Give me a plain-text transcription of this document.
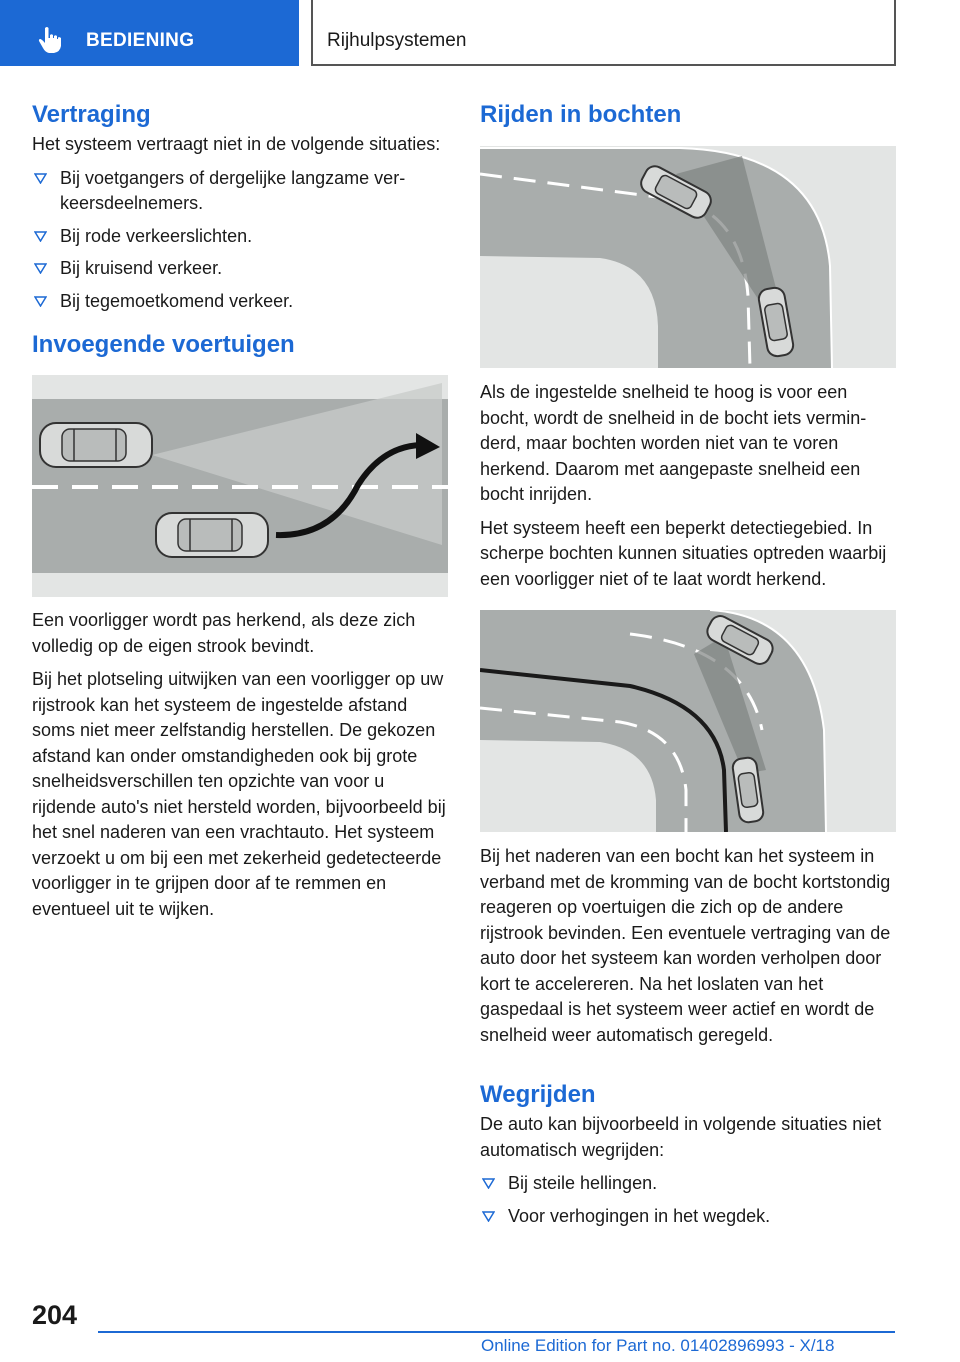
BEDIENING	Rijhulpsystemen
Vertraging

Het systeem vertraagt niet in de volgende situaties:

Bij voetgangers of dergelijke langzame verkeersdeelnemers.
Bij rode verkeerslichten.
Bij kruisend verkeer.
Bij tegemoetkomend verkeer.
Invoegende voertuigen

Een voorligger wordt pas herkend, als deze zich volledig op de eigen strook bevindt.

Bij het plotseling uitwijken van een voorligger op uw rijstrook kan het systeem de ingestelde afstand soms niet meer zelfstandig herstellen. De gekozen afstand kan onder omstandigheden ook bij grote snelheidsverschillen ten opzichte van voor u rijdende auto's niet hersteld worden, bijvoorbeeld bij het snel naderen van een vrachtauto. Het systeem verzoekt u om bij een met zekerheid gedetecteerde voorligger in te grijpen door af te remmen en eventueel uit te wijken.

Rijden in bochten

Als de ingestelde snelheid te hoog is voor een bocht, wordt de snelheid in de bocht iets verminderd, maar bochten worden niet van te voren herkend. Daarom met aangepaste snelheid een bocht inrijden.

Het systeem heeft een beperkt detectiegebied. In scherpe bochten kunnen situaties optreden waarbij een voorligger niet of te laat wordt herkend.

Bij het naderen van een bocht kan het systeem in verband met de kromming van de bocht kortstondig reageren op voertuigen die zich op de andere rijstrook bevinden. Een eventuele vertraging van de auto door het systeem kan worden verholpen door kort te accelereren. Na het loslaten van het gaspedaal is het systeem weer actief en wordt de snelheid weer automatisch geregeld.

Wegrijden

De auto kan bijvoorbeeld in volgende situaties niet automatisch wegrijden:

Bij steile hellingen.
Voor verhogingen in het wegdek.
204
Online Edition for Part no. 01402896993 - X/18
